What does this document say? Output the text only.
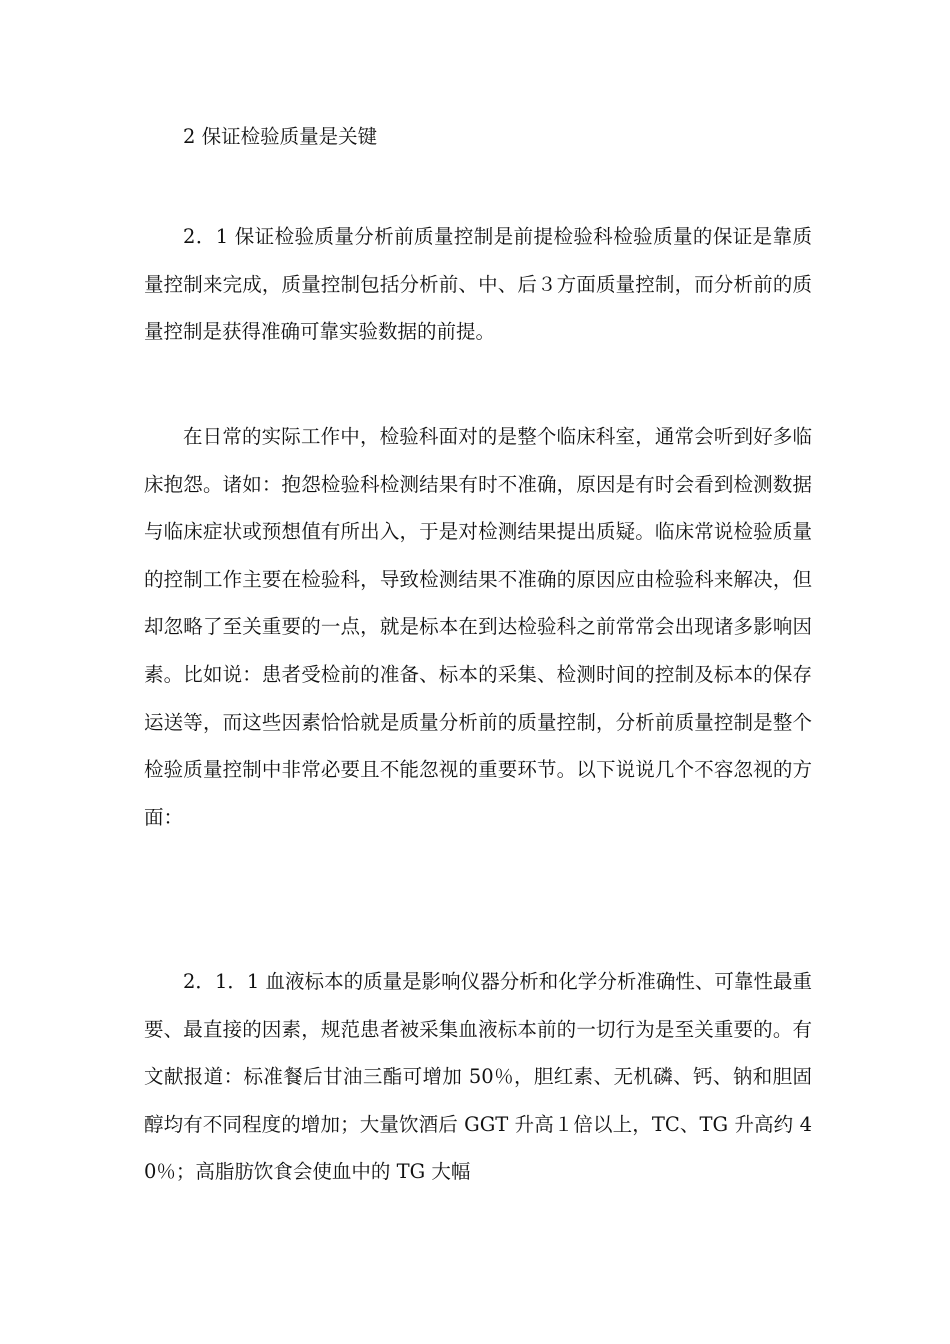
2 保证检验质量是关键

2．1 保证检验质量分析前质量控制是前提检验科检验质量的保证是靠质量控制来完成，质量控制包括分析前、中、后３方面质量控制，而分析前的质量控制是获得准确可靠实验数据的前提。

在日常的实际工作中，检验科面对的是整个临床科室，通常会听到好多临床抱怨。诸如：抱怨检验科检测结果有时不准确，原因是有时会看到检测数据与临床症状或预想值有所出入，于是对检测结果提出质疑。临床常说检验质量的控制工作主要在检验科，导致检测结果不准确的原因应由检验科来解决，但却忽略了至关重要的一点，就是标本在到达检验科之前常常会出现诸多影响因素。比如说：患者受检前的准备、标本的采集、检测时间的控制及标本的保存运送等，而这些因素恰恰就是质量分析前的质量控制，分析前质量控制是整个检验质量控制中非常必要且不能忽视的重要环节。以下说说几个不容忽视的方面：

2．1．1 血液标本的质量是影响仪器分析和化学分析准确性、可靠性最重要、最直接的因素，规范患者被采集血液标本前的一切行为是至关重要的。有文献报道：标准餐后甘油三酯可增加 50％，胆红素、无机磷、钙、钠和胆固醇均有不同程度的增加；大量饮酒后 GGT 升高１倍以上，TC、TG 升高约 40％；高脂肪饮食会使血中的 TG 大幅
